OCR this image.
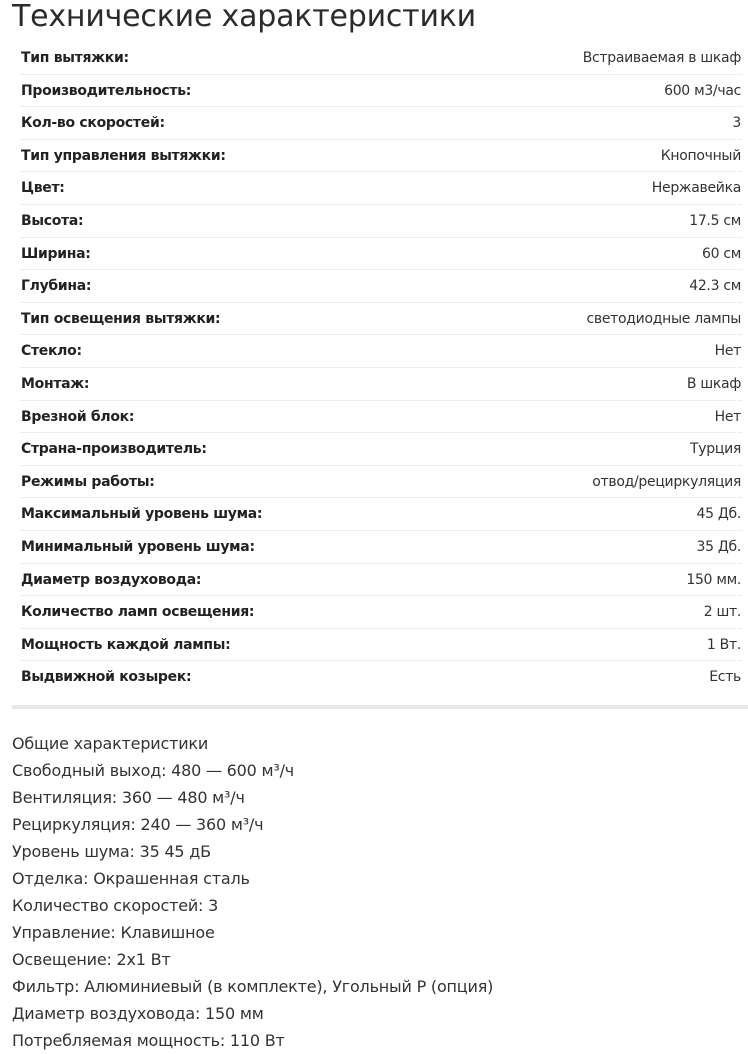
Технические характеристики
Тип вытяжки:	Встраиваемая в шкаф
Производительность:	600 м3/час
Кол-во скоростей:	3
Тип управления вытяжки:	Кнопочный
Цвет:	Нержавейка
Высота:	17.5 см
Ширина:	60 см
Глубина:	42.3 см
Тип освещения вытяжки:	светодиодные лампы
Стекло:	Нет
Монтаж:	В шкаф
Врезной блок:	Нет
Страна-производитель:	Турция
Режимы работы:	отвод/рециркуляция
Максимальный уровень шума:	45 Дб.
Минимальный уровень шума:	35 Дб.
Диаметр воздуховода:	150 мм.
Количество ламп освещения:	2 шт.
Мощность каждой лампы:	1 Вт.
Выдвижной козырек:	Есть
Общие характеристики
Свободный выход: 480 — 600 м³/ч
Вентиляция: 360 — 480 м³/ч
Рециркуляция: 240 — 360 м³/ч
Уровень шума: 35 45 дБ
Отделка: Окрашенная сталь
Количество скоростей: 3
Управление: Клавишное
Освещение: 2x1 Вт
Фильтр: Алюминиевый (в комплекте), Угольный P (опция)
Диаметр воздуховода: 150 мм
Потребляемая мощность: 110 Вт
